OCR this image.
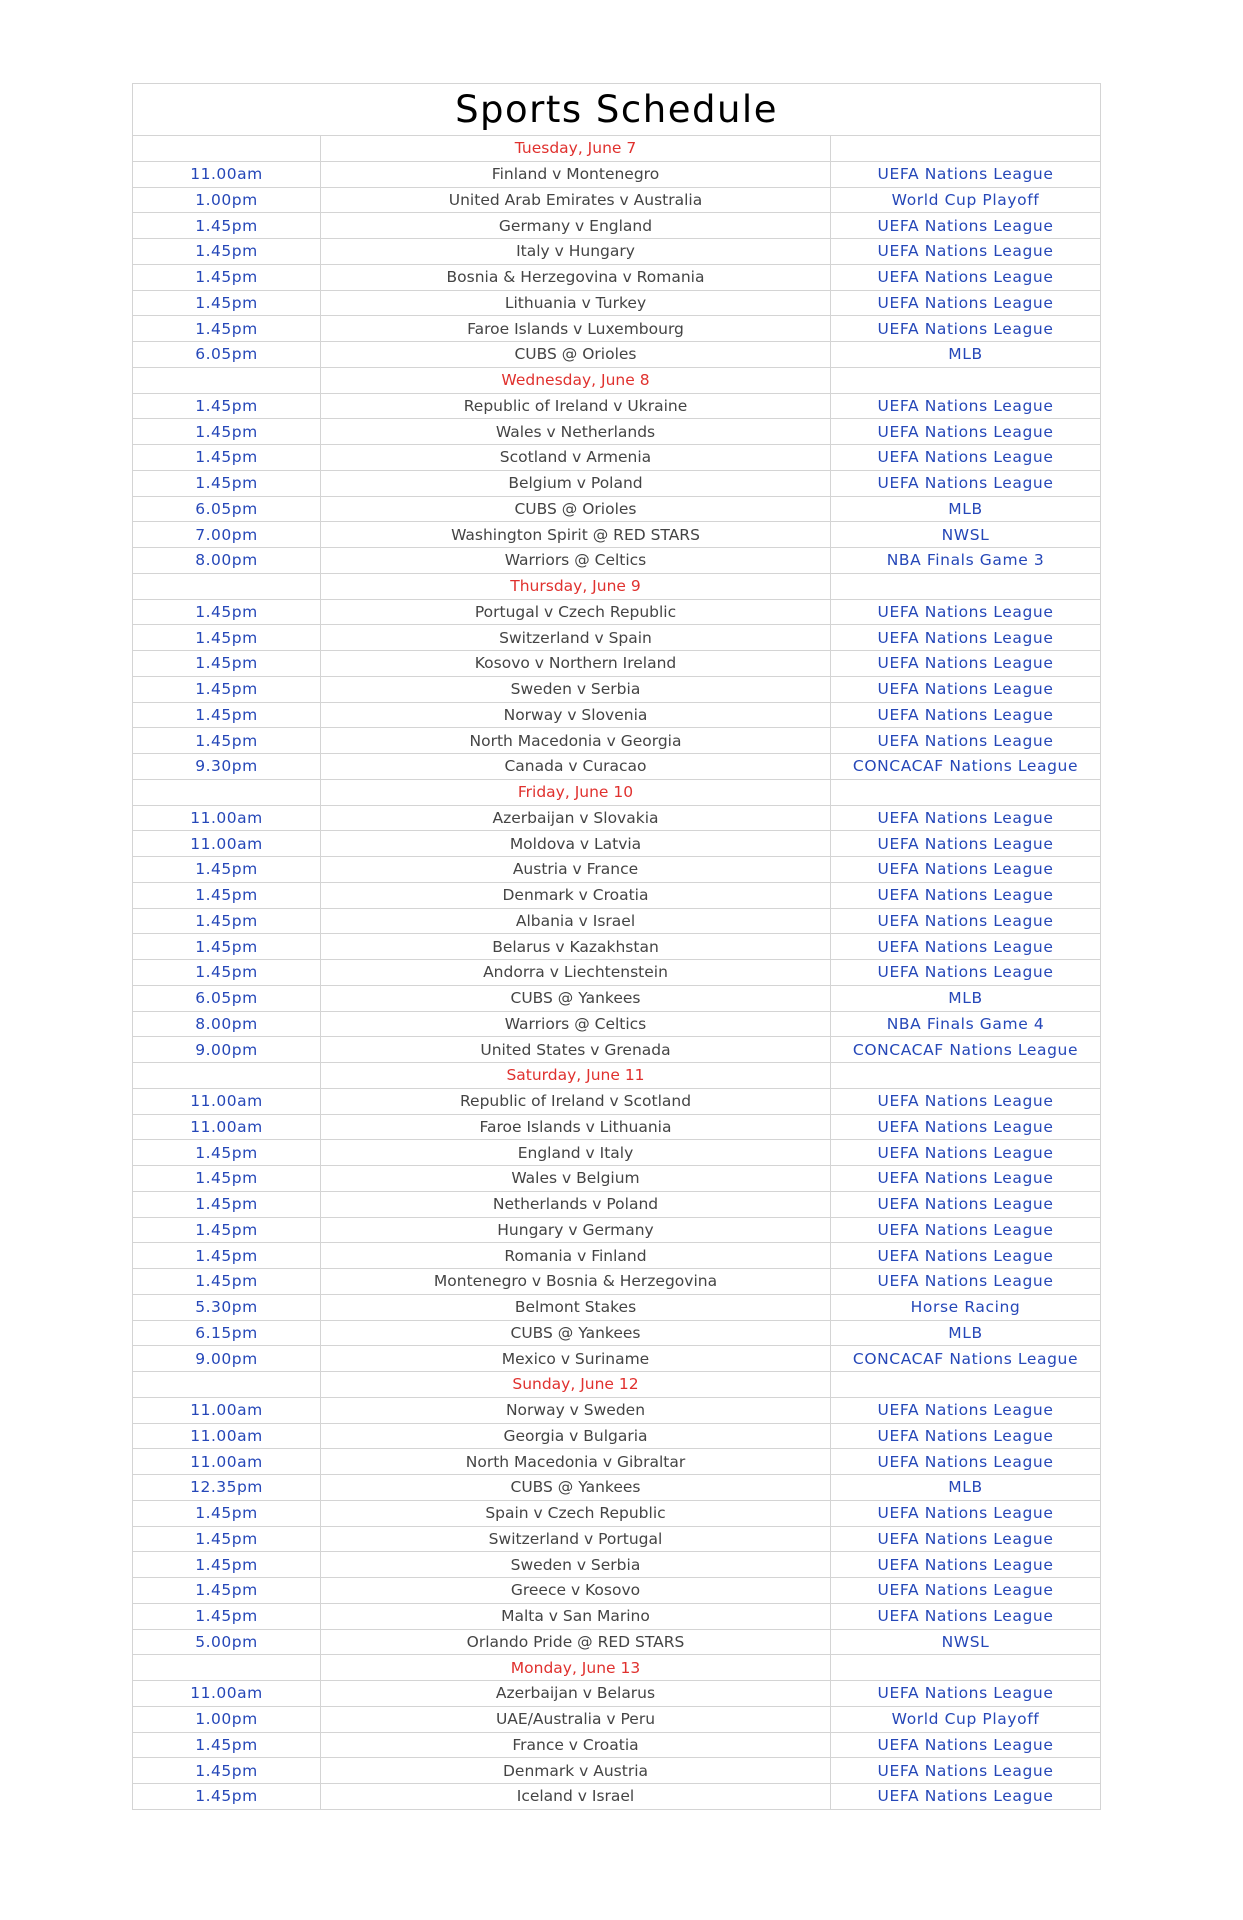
Sports Schedule		
	Tuesday, June 7	
11.00am	Finland v Montenegro	UEFA Nations League
1.00pm	United Arab Emirates v Australia	World Cup Playoff
1.45pm	Germany v England	UEFA Nations League
1.45pm	Italy v Hungary	UEFA Nations League
1.45pm	Bosnia & Herzegovina v Romania	UEFA Nations League
1.45pm	Lithuania v Turkey	UEFA Nations League
1.45pm	Faroe Islands v Luxembourg	UEFA Nations League
6.05pm	CUBS @ Orioles	MLB
	Wednesday, June 8	
1.45pm	Republic of Ireland v Ukraine	UEFA Nations League
1.45pm	Wales v Netherlands	UEFA Nations League
1.45pm	Scotland v Armenia	UEFA Nations League
1.45pm	Belgium v Poland	UEFA Nations League
6.05pm	CUBS @ Orioles	MLB
7.00pm	Washington Spirit @ RED STARS	NWSL
8.00pm	Warriors @ Celtics	NBA Finals Game 3
	Thursday, June 9	
1.45pm	Portugal v Czech Republic	UEFA Nations League
1.45pm	Switzerland v Spain	UEFA Nations League
1.45pm	Kosovo v Northern Ireland	UEFA Nations League
1.45pm	Sweden v Serbia	UEFA Nations League
1.45pm	Norway v Slovenia	UEFA Nations League
1.45pm	North Macedonia v Georgia	UEFA Nations League
9.30pm	Canada v Curacao	CONCACAF Nations League
	Friday, June 10	
11.00am	Azerbaijan v Slovakia	UEFA Nations League
11.00am	Moldova v Latvia	UEFA Nations League
1.45pm	Austria v France	UEFA Nations League
1.45pm	Denmark v Croatia	UEFA Nations League
1.45pm	Albania v Israel	UEFA Nations League
1.45pm	Belarus v Kazakhstan	UEFA Nations League
1.45pm	Andorra v Liechtenstein	UEFA Nations League
6.05pm	CUBS @ Yankees	MLB
8.00pm	Warriors @ Celtics	NBA Finals Game 4
9.00pm	United States v Grenada	CONCACAF Nations League
	Saturday, June 11	
11.00am	Republic of Ireland v Scotland	UEFA Nations League
11.00am	Faroe Islands v Lithuania	UEFA Nations League
1.45pm	England v Italy	UEFA Nations League
1.45pm	Wales v Belgium	UEFA Nations League
1.45pm	Netherlands v Poland	UEFA Nations League
1.45pm	Hungary v Germany	UEFA Nations League
1.45pm	Romania v Finland	UEFA Nations League
1.45pm	Montenegro v Bosnia & Herzegovina	UEFA Nations League
5.30pm	Belmont Stakes	Horse Racing
6.15pm	CUBS @ Yankees	MLB
9.00pm	Mexico v Suriname	CONCACAF Nations League
	Sunday, June 12	
11.00am	Norway v Sweden	UEFA Nations League
11.00am	Georgia v Bulgaria	UEFA Nations League
11.00am	North Macedonia v Gibraltar	UEFA Nations League
12.35pm	CUBS @ Yankees	MLB
1.45pm	Spain v Czech Republic	UEFA Nations League
1.45pm	Switzerland v Portugal	UEFA Nations League
1.45pm	Sweden v Serbia	UEFA Nations League
1.45pm	Greece v Kosovo	UEFA Nations League
1.45pm	Malta v San Marino	UEFA Nations League
5.00pm	Orlando Pride @ RED STARS	NWSL
	Monday, June 13	
11.00am	Azerbaijan v Belarus	UEFA Nations League
1.00pm	UAE/Australia v Peru	World Cup Playoff
1.45pm	France v Croatia	UEFA Nations League
1.45pm	Denmark v Austria	UEFA Nations League
1.45pm	Iceland v Israel	UEFA Nations League
